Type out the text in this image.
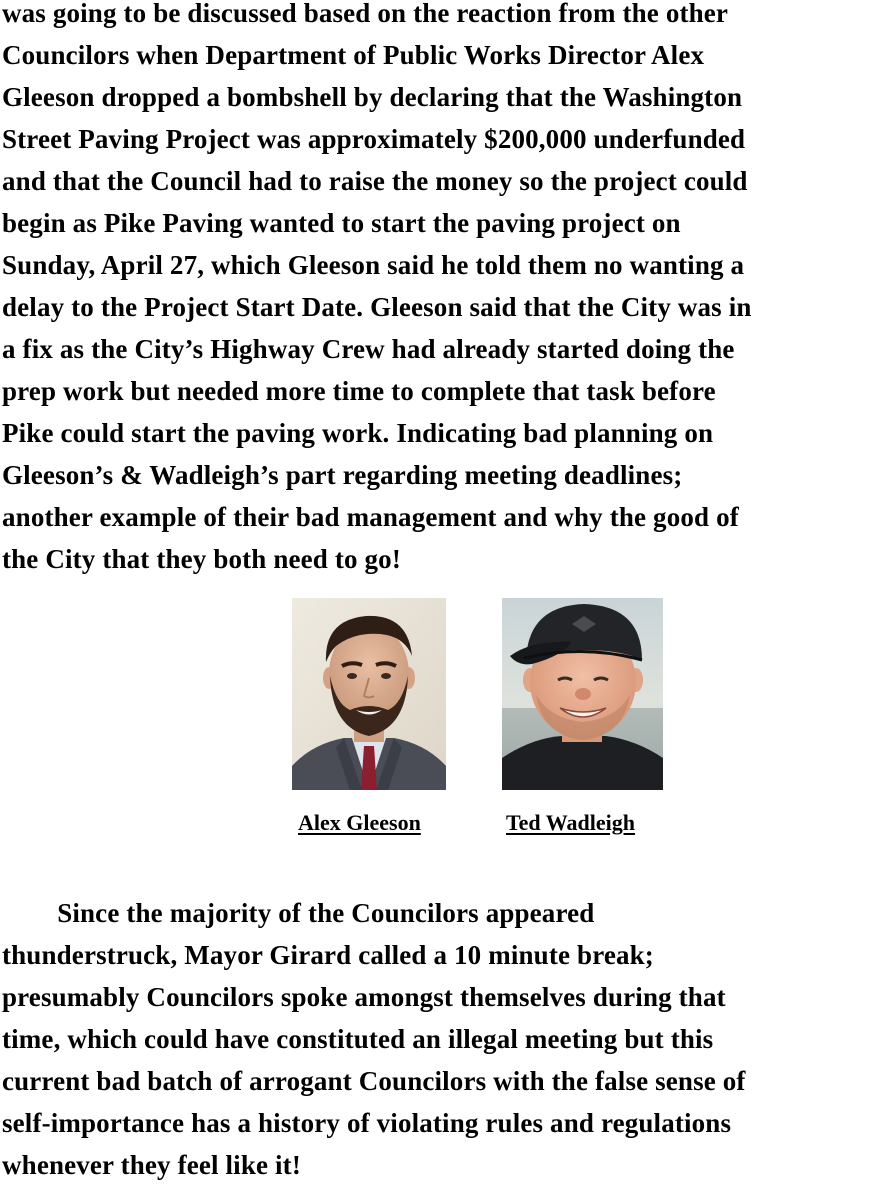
was going to be discussed based on the reaction from the other
Councilors when Department of Public Works Director Alex
Gleeson dropped a bombshell by declaring that the Washington
Street Paving Project was approximately $200,000 underfunded
and that the Council had to raise the money so the project could
begin as Pike Paving wanted to start the paving project on
Sunday, April 27, which Gleeson said he told them no wanting a
delay to the Project Start Date. Gleeson said that the City was in
a fix as the City’s Highway Crew had already started doing the
prep work but needed more time to complete that task before
Pike could start the paving work. Indicating bad planning on
Gleeson’s & Wadleigh’s part regarding meeting deadlines;
another example of their bad management and why the good of
the City that they both need to go!
Alex Gleeson	Ted Wadleigh
Since the majority of the Councilors appeared
thunderstruck, Mayor Girard called a 10 minute break;
presumably Councilors spoke amongst themselves during that
time, which could have constituted an illegal meeting but this
current bad batch of arrogant Councilors with the false sense of
self-importance has a history of violating rules and regulations
whenever they feel like it!
